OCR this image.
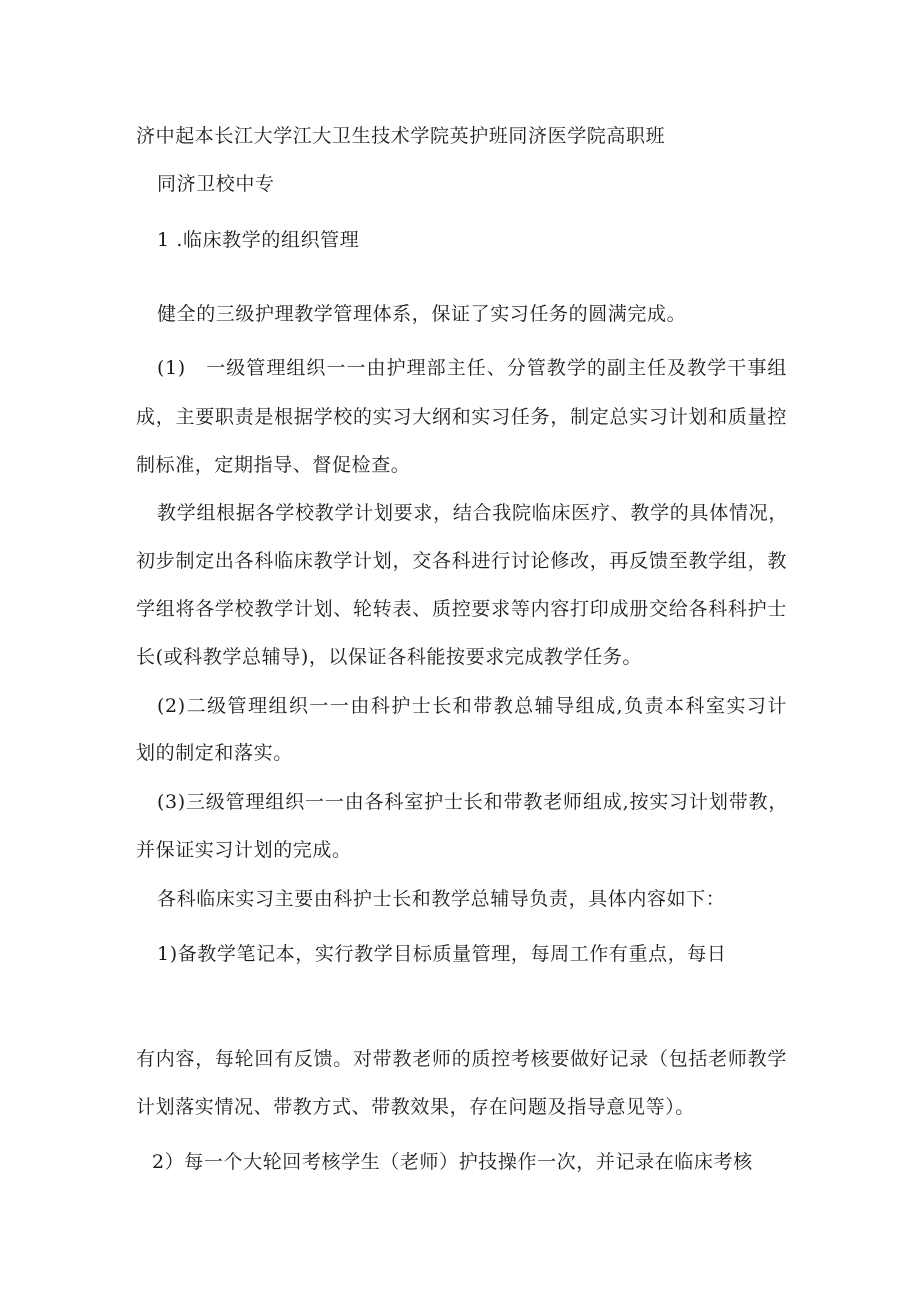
济中起本长江大学江大卫生技术学院英护班同济医学院高职班
同济卫校中专
1 .临床教学的组织管理
健全的三级护理教学管理体系，保证了实习任务的圆满完成。
(1)　一级管理组织一一由护理部主任、分管教学的副主任及教学干事组
成，主要职责是根据学校的实习大纲和实习任务，制定总实习计划和质量控
制标准，定期指导、督促检查。
教学组根据各学校教学计划要求，结合我院临床医疗、教学的具体情况，
初步制定出各科临床教学计划，交各科进行讨论修改，再反馈至教学组，教
学组将各学校教学计划、轮转表、质控要求等内容打印成册交给各科科护士
长(或科教学总辅导)，以保证各科能按要求完成教学任务。
(2)二级管理组织一一由科护士长和带教总辅导组成,负责本科室实习计
划的制定和落实。
(3)三级管理组织一一由各科室护士长和带教老师组成,按实习计划带教，
并保证实习计划的完成。
各科临床实习主要由科护士长和教学总辅导负责，具体内容如下：
1)备教学笔记本，实行教学目标质量管理，每周工作有重点，每日
有内容，每轮回有反馈。对带教老师的质控考核要做好记录（包括老师教学
计划落实情况、带教方式、带教效果，存在问题及指导意见等）。
2）每一个大轮回考核学生（老师）护技操作一次，并记录在临床考核
